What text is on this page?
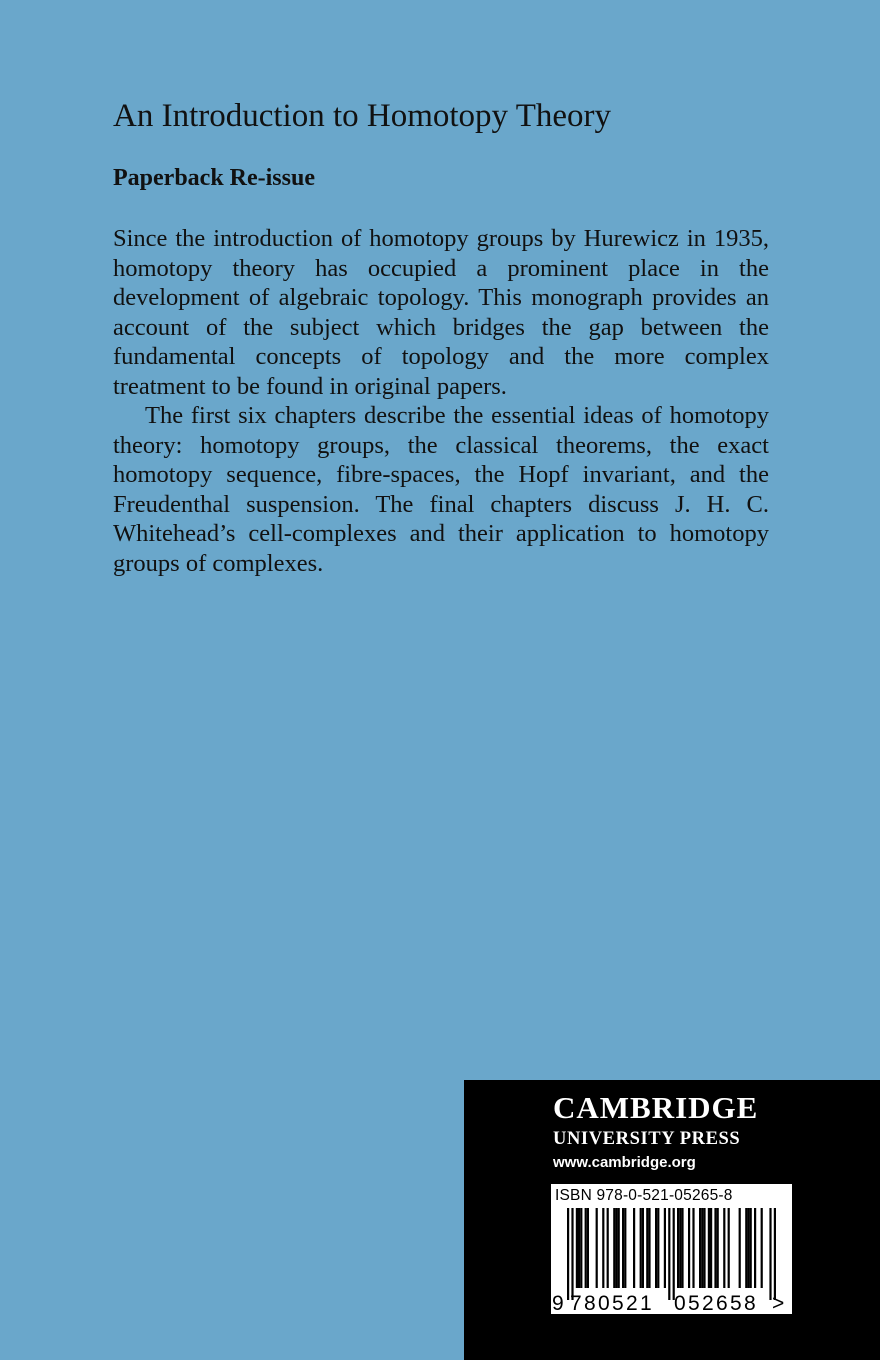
An Introduction to Homotopy Theory
Paperback Re-issue

Since the introduction of homotopy groups by Hurewicz in 1935, homotopy theory has occupied a prominent place in the development of algebraic topology. This monograph provides an account of the subject which bridges the gap between the fundamental concepts of topology and the more complex treatment to be found in original papers.

The first six chapters describe the essential ideas of homotopy theory: homotopy groups, the classical theorems, the exact homotopy sequence, fibre-spaces, the Hopf invariant, and the Freudenthal suspension. The final chapters discuss J. H. C. Whitehead’s cell-complexes and their application to homotopy groups of complexes.

CAMBRIDGE
UNIVERSITY PRESS
www.cambridge.org
ISBN 978-0-521-05265-8
9 780521 052658 >
